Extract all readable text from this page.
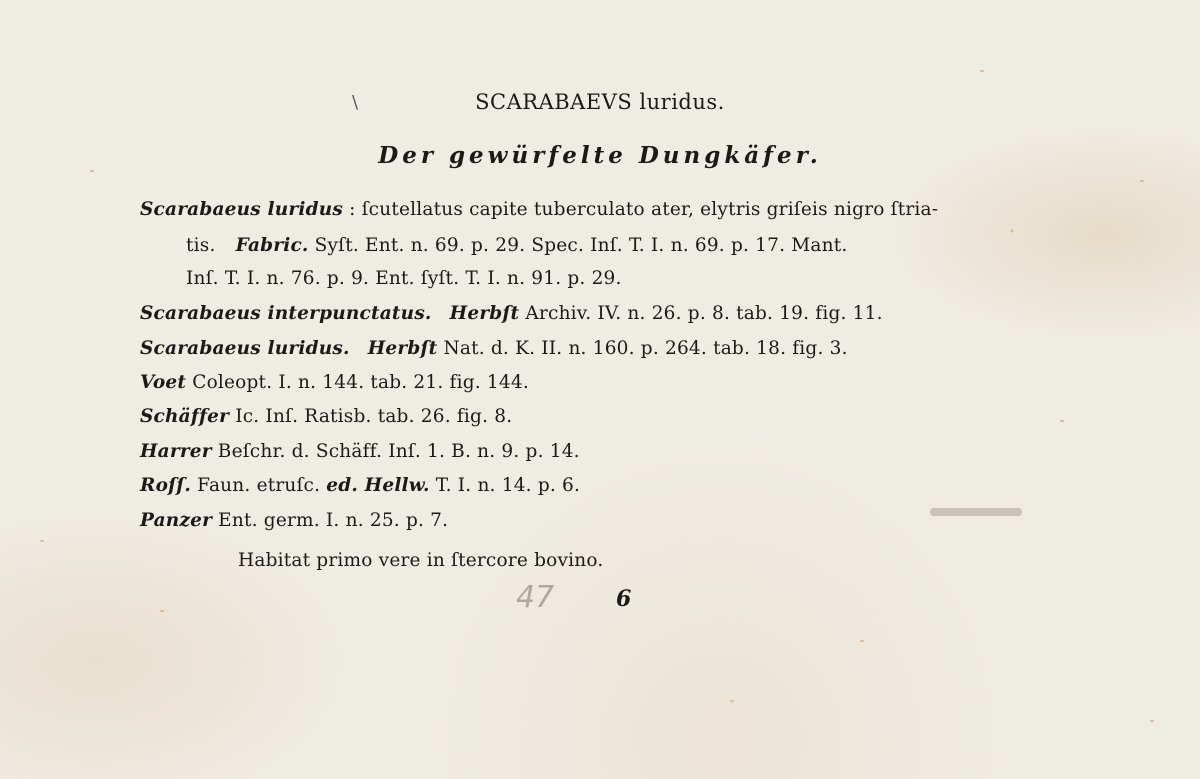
\	SCARABAEVS luridus.
Der gewürfelte Dungkäfer.
Scarabaeus luridus : ſcutellatus capite tuberculato ater, elytris griſeis nigro ſtria-
tis. Fabric. Syſt. Ent. n. 69. p. 29. Spec. Inſ. T. I. n. 69. p. 17. Mant.
Inſ. T. I. n. 76. p. 9. Ent. ſyſt. T. I. n. 91. p. 29.
Scarabaeus interpunctatus. Herbſt Archiv. IV. n. 26. p. 8. tab. 19. fig. 11.
Scarabaeus luridus. Herbſt Nat. d. K. II. n. 160. p. 264. tab. 18. fig. 3.
Voet Coleopt. I. n. 144. tab. 21. fig. 144.
Schäffer Ic. Inſ. Ratisb. tab. 26. fig. 8.
Harrer Beſchr. d. Schäff. Inſ. 1. B. n. 9. p. 14.
Roſſ. Faun. etruſc. ed. Hellw. T. I. n. 14. p. 6.
Panzer Ent. germ. I. n. 25. p. 7.
Habitat primo vere in ſtercore bovino.
47	6
